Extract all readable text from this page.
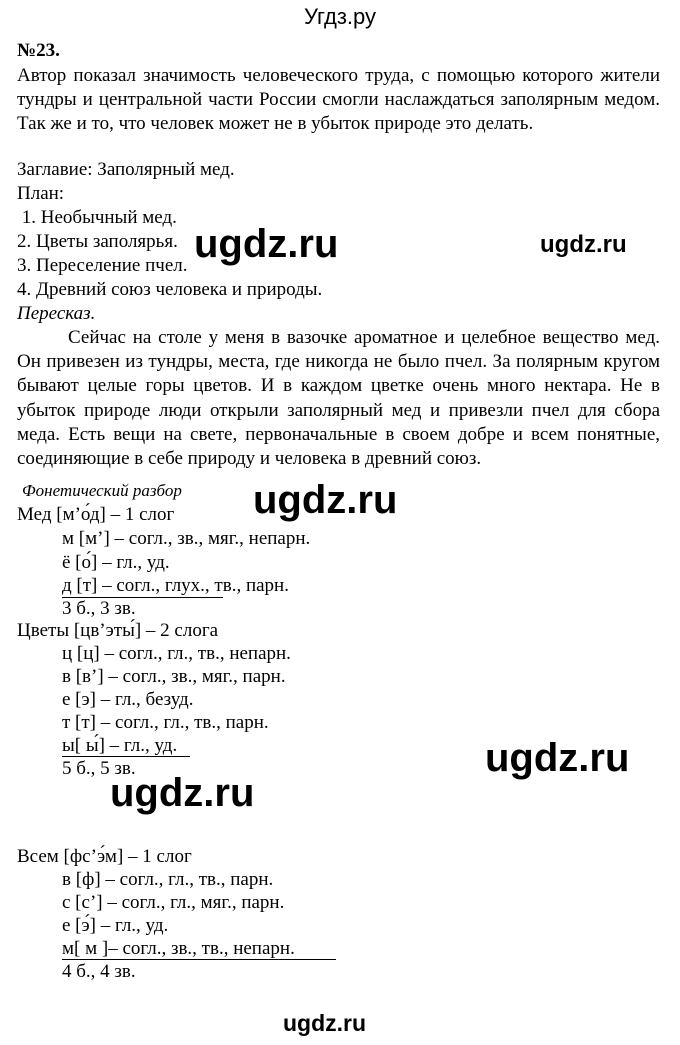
Угдз.ру
№23.
Автор показал значимость человеческого труда, с помощью которого жители тундры и центральной части России смогли наслаждаться заполярным медом. Так же и то, что человек может не в убыток природе это делать.
Заглавие: Заполярный мед.
План:
1. Необычный мед.
2. Цветы заполярья.
3. Переселение пчел.
4. Древний союз человека и природы.
Пересказ.
Сейчас на столе у меня в вазочке ароматное и целебное вещество мед. Он привезен из тундры, места, где никогда не было пчел. За полярным кругом бывают целые горы цветов. И в каждом цветке очень много нектара. Не в убыток природе люди открыли заполярный мед и привезли пчел для сбора меда. Есть вещи на свете, первоначальные в своем добре и всем понятные, соединяющие в себе природу и человека в древний союз.
Фонетический разбор
Мед [м’о́д] – 1 слог
м [м’] – согл., зв., мяг., непарн.
ё [о́] – гл., уд.
д [т] – согл., глух., тв., парн.
3 б., 3 зв.
Цветы [цв’эты́] – 2 слога
ц [ц] – согл., гл., тв., непарн.
в [в’] – согл., зв., мяг., парн.
е [э] – гл., безуд.
т [т] – согл., гл., тв., парн.
ы[ ы́] – гл., уд.
5 б., 5 зв.
Всем [фс’э́м] – 1 слог
в [ф] – согл., гл., тв., парн.
с [с’] – согл., гл., мяг., парн.
е [э́] – гл., уд.
м[ м ]– согл., зв., тв., непарн.
4 б., 4 зв.
ugdz.ru	ugdz.ru
ugdz.ru
ugdz.ru
ugdz.ru
ugdz.ru
